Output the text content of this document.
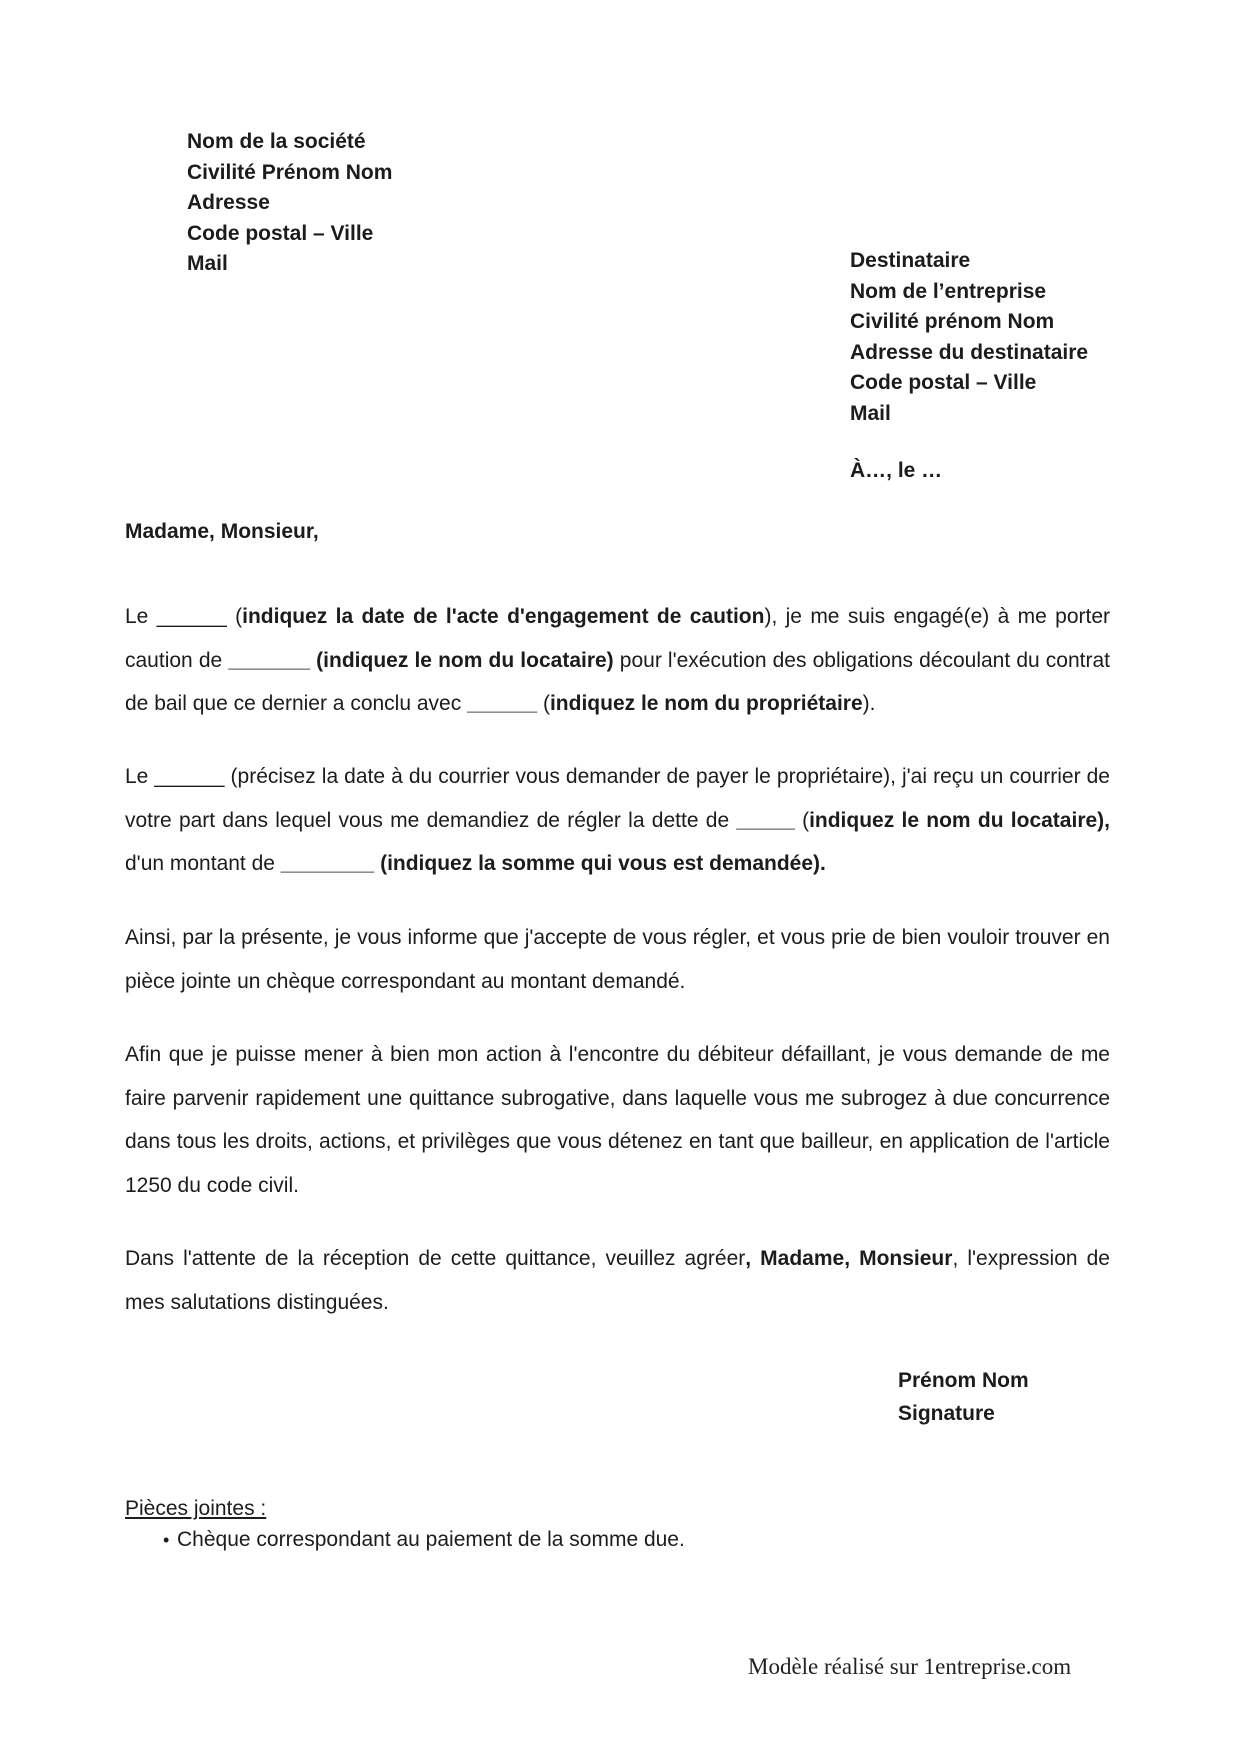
Nom de la société
Civilité Prénom Nom
Adresse
Code postal – Ville
Mail	Destinataire
Nom de l’entreprise
Civilité prénom Nom
Adresse du destinataire
Code postal – Ville
Mail
À…, le …
Madame, Monsieur,

Le ______ (indiquez la date de l'acte d'engagement de caution), je me suis engagé(e) à me porter caution de _______ (indiquez le nom du locataire) pour l'exécution des obligations découlant du contrat de bail que ce dernier a conclu avec ______ (indiquez le nom du propriétaire).

Le ______ (précisez la date à du courrier vous demander de payer le propriétaire), j'ai reçu un courrier de votre part dans lequel vous me demandiez de régler la dette de _____ (indiquez le nom du locataire), d'un montant de ________ (indiquez la somme qui vous est demandée).

Ainsi, par la présente, je vous informe que j'accepte de vous régler, et vous prie de bien vouloir trouver en pièce jointe un chèque correspondant au montant demandé.

Afin que je puisse mener à bien mon action à l'encontre du débiteur défaillant, je vous demande de me faire parvenir rapidement une quittance subrogative, dans laquelle vous me subrogez à due concurrence dans tous les droits, actions, et privilèges que vous détenez en tant que bailleur, en application de l'article 1250 du code civil.

Dans l'attente de la réception de cette quittance, veuillez agréer, Madame, Monsieur, l'expression de mes salutations distinguées.

Prénom Nom
Signature
Pièces jointes :
• Chèque correspondant au paiement de la somme due.
Modèle réalisé sur 1entreprise.com
